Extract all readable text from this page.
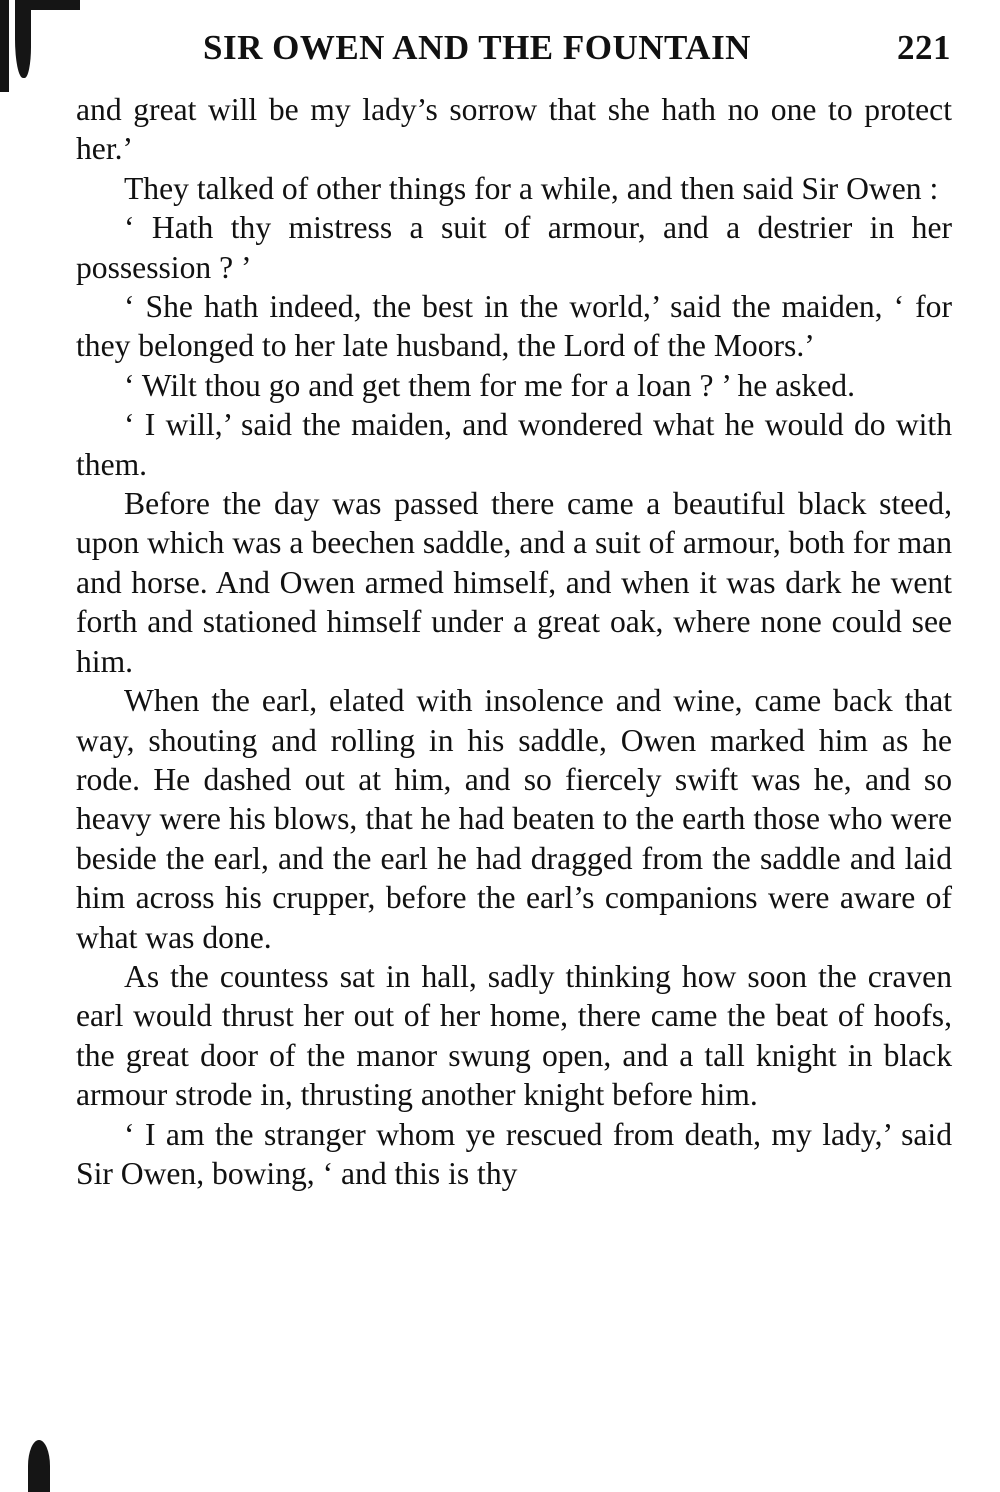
SIR OWEN AND THE FOUNTAIN	221

and great will be my lady’s sorrow that she hath no one to protect her.’

They talked of other things for a while, and then said Sir Owen :

‘ Hath thy mistress a suit of armour, and a destrier in her possession ? ’

‘ She hath indeed, the best in the world,’ said the maiden, ‘ for they belonged to her late husband, the Lord of the Moors.’

‘ Wilt thou go and get them for me for a loan ? ’ he asked.

‘ I will,’ said the maiden, and wondered what he would do with them.

Before the day was passed there came a beautiful black steed, upon which was a beechen saddle, and a suit of armour, both for man and horse. And Owen armed himself, and when it was dark he went forth and stationed himself under a great oak, where none could see him.

When the earl, elated with insolence and wine, came back that way, shouting and rolling in his saddle, Owen marked him as he rode. He dashed out at him, and so fiercely swift was he, and so heavy were his blows, that he had beaten to the earth those who were beside the earl, and the earl he had dragged from the saddle and laid him across his crupper, before the earl’s companions were aware of what was done.

As the countess sat in hall, sadly thinking how soon the craven earl would thrust her out of her home, there came the beat of hoofs, the great door of the manor swung open, and a tall knight in black armour strode in, thrusting another knight before him.

‘ I am the stranger whom ye rescued from death, my lady,’ said Sir Owen, bowing, ‘ and this is thy
